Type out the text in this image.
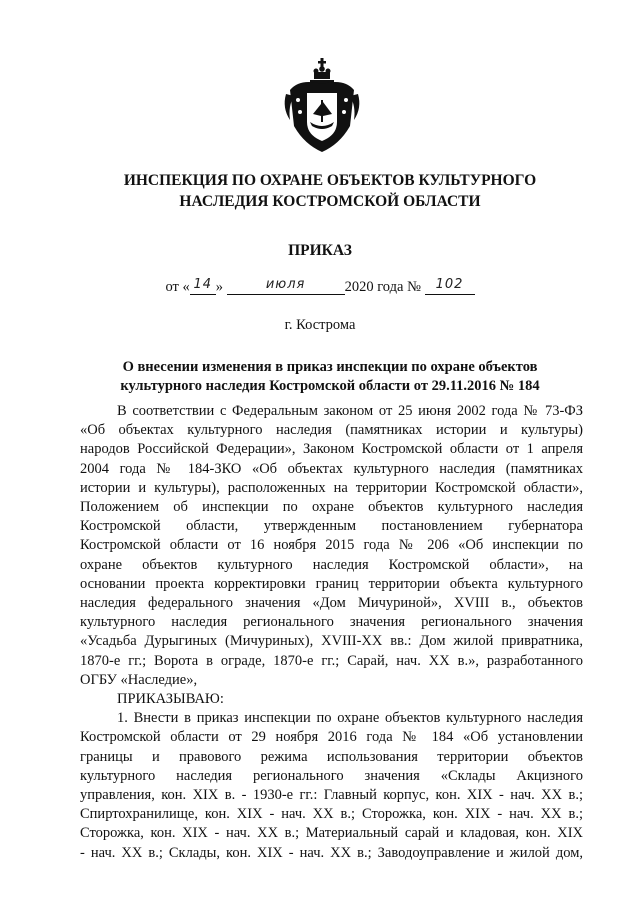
ИНСПЕКЦИЯ ПО ОХРАНЕ ОБЪЕКТОВ КУЛЬТУРНОГО
НАСЛЕДИЯ КОСТРОМСКОЙ ОБЛАСТИ
ПРИКАЗ
от « 14 »	июля	2020 года № 102
г. Кострома
О внесении изменения в приказ инспекции по охране объектов
культурного наследия Костромской области от 29.11.2016 № 184
В соответствии с Федеральным законом от 25 июня 2002 года № 73-ФЗ
«Об объектах культурного наследия (памятниках истории и культуры)
народов Российской Федерации», Законом Костромской области от 1 апреля
2004 года № 184-ЗКО «Об объектах культурного наследия (памятниках
истории и культуры), расположенных на территории Костромской области»,
Положением об инспекции по охране объектов культурного наследия
Костромской области, утвержденным постановлением губернатора
Костромской области от 16 ноября 2015 года № 206 «Об инспекции по
охране объектов культурного наследия Костромской области», на
основании проекта корректировки границ территории объекта культурного
наследия федерального значения «Дом Мичуриной», XVIII в., объектов
культурного наследия регионального значения регионального значения
«Усадьба Дурыгиных (Мичуриных), XVIII-XX вв.: Дом жилой привратника,
1870-е гг.; Ворота в ограде, 1870-е гг.; Сарай, нач. XX в.», разработанного
ОГБУ «Наследие»,
ПРИКАЗЫВАЮ:
1. Внести в приказ инспекции по охране объектов культурного наследия
Костромской области от 29 ноября 2016 года № 184 «Об установлении
границы и правового режима использования территории объектов
культурного наследия регионального значения «Склады Акцизного
управления, кон. XIX в. - 1930-е гг.: Главный корпус, кон. XIX - нач. XX в.;
Спиртохранилище, кон. XIX - нач. XX в.; Сторожка, кон. XIX - нач. XX в.;
Сторожка, кон. XIX - нач. XX в.; Материальный сарай и кладовая, кон. XIX
- нач. XX в.; Склады, кон. XIX - нач. XX в.; Заводоуправление и жилой дом,
